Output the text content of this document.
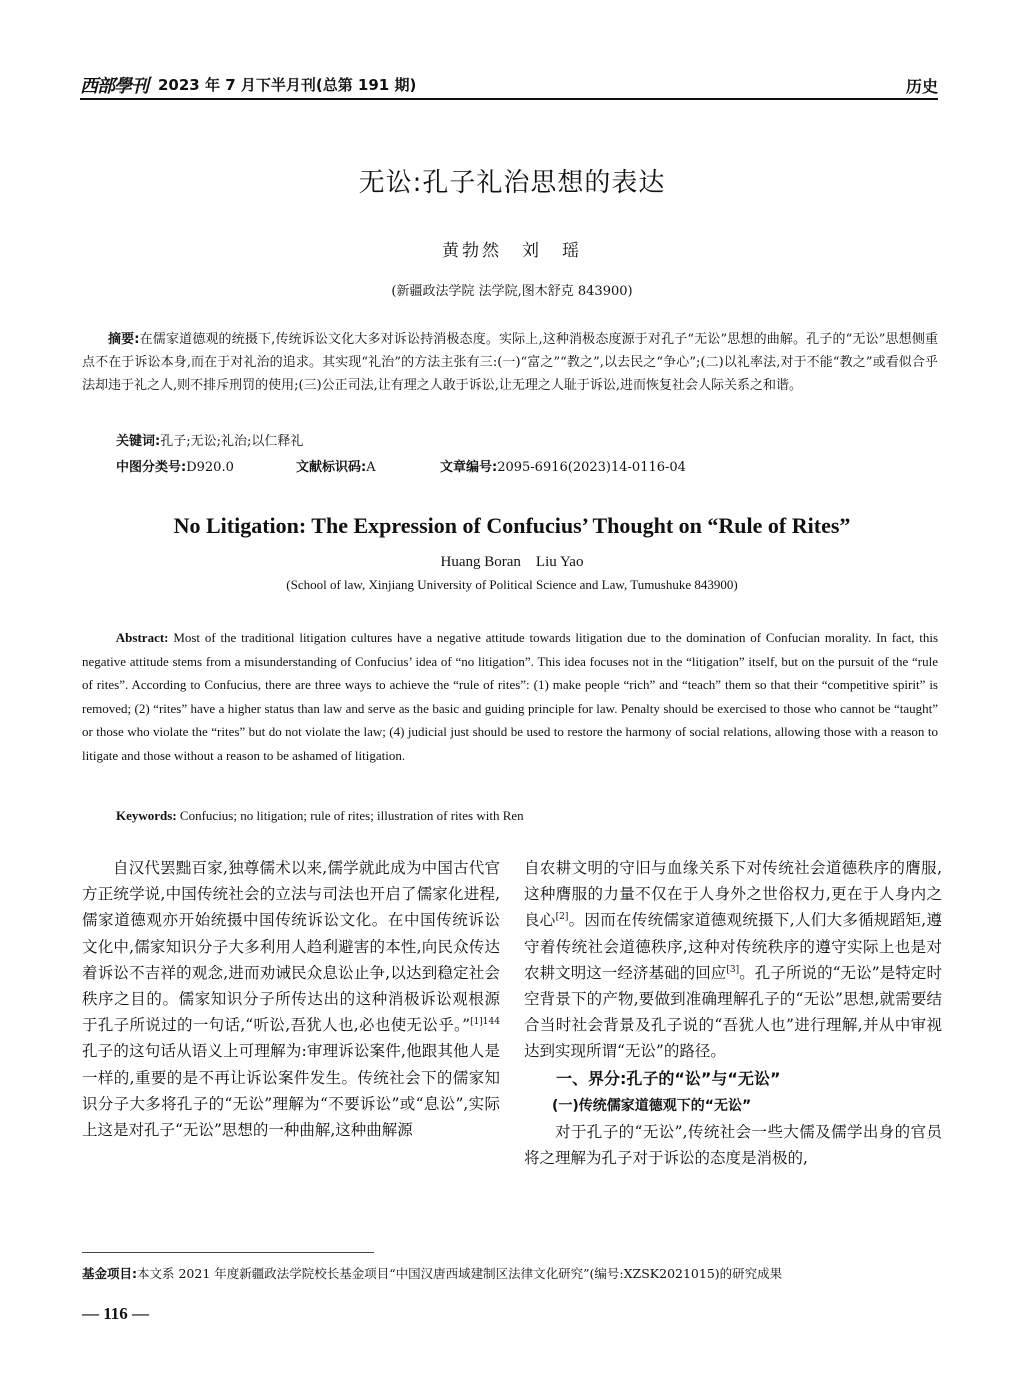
西部學刊 2023 年 7 月下半月刊(总第 191 期)	历史
无讼:孔子礼治思想的表达
黄勃然　刘　瑶
(新疆政法学院 法学院,图木舒克 843900)
摘要:在儒家道德观的统摄下,传统诉讼文化大多对诉讼持消极态度。实际上,这种消极态度源于对孔子“无讼”思想的曲解。孔子的“无讼”思想侧重点不在于诉讼本身,而在于对礼治的追求。其实现“礼治”的方法主张有三:(一)“富之”“教之”,以去民之“争心”;(二)以礼率法,对于不能“教之”或看似合乎法却违于礼之人,则不排斥刑罚的使用;(三)公正司法,让有理之人敢于诉讼,让无理之人耻于诉讼,进而恢复社会人际关系之和谐。
关键词:孔子;无讼;礼治;以仁释礼
中图分类号:D920.0	文献标识码:A	文章编号:2095-6916(2023)14-0116-04
No Litigation: The Expression of Confucius’ Thought on “Rule of Rites”
Huang Boran　Liu Yao
(School of law, Xinjiang University of Political Science and Law, Tumushuke 843900)
Abstract: Most of the traditional litigation cultures have a negative attitude towards litigation due to the domination of Confucian morality. In fact, this negative attitude stems from a misunderstanding of Confucius’ idea of “no litigation”. This idea focuses not in the “litigation” itself, but on the pursuit of the “rule of rites”. According to Confucius, there are three ways to achieve the “rule of rites”: (1) make people “rich” and “teach” them so that their “competitive spirit” is removed; (2) “rites” have a higher status than law and serve as the basic and guiding principle for law. Penalty should be exercised to those who cannot be “taught” or those who violate the “rites” but do not violate the law; (4) judicial just should be used to restore the harmony of social relations, allowing those with a reason to litigate and those without a reason to be ashamed of litigation.
Keywords: Confucius; no litigation; rule of rites; illustration of rites with Ren

自汉代罢黜百家,独尊儒术以来,儒学就此成为中国古代官方正统学说,中国传统社会的立法与司法也开启了儒家化进程,儒家道德观亦开始统摄中国传统诉讼文化。在中国传统诉讼文化中,儒家知识分子大多利用人趋利避害的本性,向民众传达着诉讼不吉祥的观念,进而劝诫民众息讼止争,以达到稳定社会秩序之目的。儒家知识分子所传达出的这种消极诉讼观根源于孔子所说过的一句话,“听讼,吾犹人也,必也使无讼乎。”$^{[1]144}$孔子的这句话从语义上可理解为:审理诉讼案件,他跟其他人是一样的,重要的是不再让诉讼案件发生。传统社会下的儒家知识分子大多将孔子的“无讼”理解为“不要诉讼”或“息讼”,实际上这是对孔子“无讼”思想的一种曲解,这种曲解源

自农耕文明的守旧与血缘关系下对传统社会道德秩序的膺服,这种膺服的力量不仅在于人身外之世俗权力,更在于人身内之良心[2]。因而在传统儒家道德观统摄下,人们大多循规蹈矩,遵守着传统社会道德秩序,这种对传统秩序的遵守实际上也是对农耕文明这一经济基础的回应[3]。孔子所说的“无讼”是特定时空背景下的产物,要做到准确理解孔子的“无讼”思想,就需要结合当时社会背景及孔子说的“吾犹人也”进行理解,并从中审视达到实现所谓“无讼”的路径。

一、界分:孔子的“讼”与“无讼”
(一)传统儒家道德观下的“无讼”

对于孔子的“无讼”,传统社会一些大儒及儒学出身的官员将之理解为孔子对于诉讼的态度是消极的,

基金项目:本文系 2021 年度新疆政法学院校长基金项目“中国汉唐西域建制区法律文化研究”(编号:XZSK2021015)的研究成果
— 116 —
